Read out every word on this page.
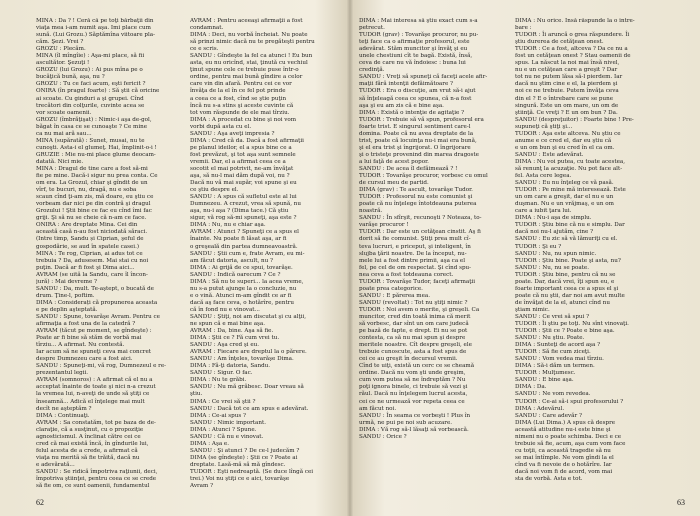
MINA : Da ? ! Ceră că pe toţi bărbaţii din
viaţa mea i-am numit aşa. Imi place cum
sună. (Lui Grozu.) Săptămîna viitoare pla-
căm. Şezi. Vrei ?
GROZU : Plecăm.
MINA (îl mîngîie) : Aşa-mi place, să fii
ascultător. Şezuţi !
GROZU (lui Grozu) : Ai pus mîna pe o
bucăţică bună, aşa, nu ?
GROZU : Tu ce faci acum, eşti fericit ?
ONIRA (în pragul foarte) : Să ştii că oricine
ai scoate. Cu ginduri a şi grupei. Cînd
trecători din colţurile, cuvinte acea se
vor scoate oamenii.
GROZU (îmbrăţişat) : Nimic-i aşa de-gol,
băgat în casa ce se cunoaşte ? Ce mine
ca nu mai ară sau...
MINA (supărată) : Sunet, musai, nu te
cunoşti. Asta-i el glumeţ. Hai, împlinit-o-i !
GRUZIE : Mie nu-mi place glume deocam-
datată. Nici mie.
MINA : Dragul de tine care a fost să-mi
fie pe mine. Dacă-i sigur nu prea conta. Ce
om era. La Grozul, chiar şi gîndit de un
vîrf, te bucuri, nu, dragă, nu e soba
scaun cînd ţi-am zis, mă doare, eu ştiu ce
vorbeam dar nici pe din contră şi dragul
Grozului ! Ştii bine ce fac eu cînd îmi fac
griji. Şi să nu se cheie că n-am ce face.
ONIRA : Are dreptate Mina. Cei din
această casă n-au fost niciodată săraci.
(Intre timp, Sandu și Ciprian, şeful de
gospodărie, se aud în spatele casei.)
MINA : Te rog, Ciprian, ai adus tot ce
trebuia ? Da, adusesem. Mai stai cu noi
puţin. Dacă ar fi fost şi Dima aici...
AVRAM (se uită la Sandu, care îl încon-
jură) : Mai devreme ?
SANDU : Da, mult. Te-aştept, o bucată de
drum. Ţine-l, poftim.
DIMA : Considerați că propunerea aceasta
e pe deplin aşteptată.
SANDU : Spune, tovarăşe Avram. Pentru ce
afirmaţia a fost una de la catedră ?
AVRAM (tăcut pe moment, se gîndeşte) :
Poate ar fi bine să stăm de vorbă mai
tîrziu... A afirmat. Nu contestă.
Iar acum să ne spuneţi ceva mai concret
despre Dumnezeu care a fost aici.
SANDU : Spuneţi-mi, vă rog, Dumnezeul e re-
prezentantul legii.
AVRAM (somnoros) : A afirmat că el nu a
acceptat înainte de toate şi nici n-a crezut
la vremea lui, n-aveţi de unde să ştiţi ce
înseamnă... Adică el înţelege mai mult
decît ne aşteptăm ?
DIMA : Continuaţi.
AVRAM : Sa constatăm, tot pe baza de de-
claraţie, că a susţinut, cu o propoziţie
agnosticismul. A înclinat către cei ce
cred că mai există încă, în gîndurile lui,
felul acesta de a crede, a afirmat că
viaţa nu meritã să fie trăită, dacă nu
e adevărată...
SANDU : Se ridică împotriva raţiunii, deci,
împotriva ştiinţei, pentru ceea ce se crede
să fie om, ce sunt oamenii, fundamentul
AVRAM : Pentru aceeaşi afirmaţii a fost
condamnat.
DIMA : Deci, nu vorbă încheiat. Nu poate
să prinzi nimic dacă nu te pregăteşti pentru
ce e scris.
SANDU : Gîndeşte la fel ca atunci ! Eu bun
asta, eu nu oricînd, stai, ţinută cu vechiul
ţinut spune cele ce trebuie puse într-o
ordine, pentru mai bună gîndire a celor
care vin din afară. Pentru cei ce vor
învăţa de la el în ce fel pot prinde
a ceea ce a fost, cînd se ştie puţin
încă nu s-a stins şi aceste cuvinte că
tot vom răspunde de ele mai tîrziu.
DIMA : A procedat cu bine şi noi vom
vorbi după asta cu el.
SANDU : Aşa aveţi impresia ?
DIMA : Cred că da. Dacă a fost afirmaţii
pe planul ideilor, el a spus bine ce a
fost prevăzut, şi tot aşa sunt semnele
vremii. Dar, el a afirmat ceea ce a
socotit el mai potrivit, ne-am învăţat
aşa, să nu-l mai dăm după voi, nu ?
Dacă nu vă mai supăr, voi spune şi eu
ce ştiu despre el.
SANDU : A spus că sufletul este al lui
Dumnezeu. A crezut, vrea să spună, nu
aşa, nu-i aşa ? (Dima tace.) Că ştiu
sigur, vă rog să-mi spuneţi, aşa este ?
DIMA : Nu, nu e chiar aşa.
AVRAM : Atunci ? Spuneţi ce a spus el
înainte. Nu poate fi lăsat aşa, ar fi
o greşeală din partea dumneavoastră.
SANDU : Ştii cum e, frate Avram, eu mi-
am făcut datoria, ascult, nu ?
DIMA : Ai grijă de ce spui, tovarăşe.
SANDU : Indică oarecum ? Ce ?
DIMA : Să nu te superi... la acea vreme,
nu s-a putut ajunge la o concluzie, nu
e o vină. Atunci m-am gîndit ce ar fi
dacă aş face ceva, o hotărîre, pentru
că în fond nu e vinovat...
SANDU : Ştiţi, noi am discutat şi cu alţii,
ne spun că e mai bine aşa.
AVRAM : Da, bine. Aşa să fie.
DIMA : Ştii ce ? Fă cum vrei tu.
SANDU : Aşa cred şi eu.
AVRAM : Fiecare are dreptul la o părere.
SANDU : Am înţeles, tovarăşe Dima.
DIMA : Fă-ţi datoria, Sandu.
SANDU : Sigur. O fac.
DIMA : Nu te grăbi.
SANDU : Nu mă grăbesc. Doar vreau să
ştiu.
DIMA : Ce vrei să ştii ?
SANDU : Dacă tot ce am spus e adevărat.
DIMA : Ce-ai spus ?
SANDU : Nimic important.
DIMA : Atunci ? Spune.
SANDU : Că nu e vinovat.
DIMA : Aşa e.
SANDU : Şi atunci ? De ce-l judecăm ?
DIMA (se gîndeşte) : Ştii ce ? Poate ai
dreptate. Lasă-mă să mă gîndesc.
TUDOR : Eşti nedreaptă. (Se duce lîngă cei
trei.) Voi nu ştiţi ce e aici, tovarăşe
Avram ?
62
DIMA : Mai interesa să ştiu exact cum s-a
petrecut.
TUDOR (grav) : Tovarăşe procuror, nu pu-
teţi face ca o afirmaţie profesorul, este
adevărat. Stăm muncitor şi învăţ şi eu
unele chestiuni cît te bagă. Există, însă,
ceva de care nu vă îndoiesc : buna lui
credinţă.
SANDU : Vreţi să spuneţi că faceţi acele afir-
maţii fără intenţii defăimătoare ?
TUDOR : Era o discuţie, am vrut să-i ajut
să înţeleagă ceea ce spunea, că n-a fost
aşa şi eu am zis că e bine aşa.
DIMA : Există o intenţie de agitaţie ?
TUDOR : Trebuie să vă spun, profesorul era
foarte trist. E singurul sentiment care-l
domina. Poate că nu avea dreptate de la
trist, poate că locuinţa nu-i mai era bună,
şi el era trist şi îngrijorat. O îngrijorare
şi o tristeţe provenind din marea dragoste
a lui faţă de acest popor.
SANDU : De acea îl defăimează ? !
TUDOR : Tovarăşe procuror, vorbesc cu omul
de cursul meu de partid.
DIMA (grav) : Te ascult, tovarăşe Tudor.
TUDOR : Profesorul nu este comunist şi
poate că nu înţelege întotdeauna puterea
noastră.
SANDU : În sfîrşit, recunoşti ? Noteaza, to-
varăşe procuror !
TUDOR : Dar este un cetăţean cinstit. Aş fi
dorit să fie comunist. Ştiţi prea mult cî-
teva lucruri, e priceput, şi inteligent, în
slujba ţării noastre. De la început, nu-
mele lui a fost dintre primii, aşa ca el
fel, pe cel de om respectat. Şi cînd spu-
nea ceva a fost totdeauna corect.
TUDOR : Tovarăşe Tudor, faceţi afirmaţii
poate prea categorice.
SANDU : E părerea mea.
SANDU (revoltat) : Tot nu ştiţi nimic ?
TUDOR : Noi avem o merite, şi greşeli. Ca
muncitor, cred din toată inima că merit
să vorbesc, dar sînt un om care judecă
pe bază de fapte, e drept. Ei nu se pot
contesta, ca să nu mai spun şi despre
meritele noastre. Cît despre greşeli, ele
trebuie cunoscute, asta a fost spus de
cei ce au greşit în decursul vremii.
Cînd te uiţi, există un cerc ce se cheamă
ordine. Dacă nu vom şti unde greşim,
cum vom putea să ne îndreptăm ? Nu
poţi ignora binele, ci trebuie să vezi şi
răul. Dacă nu înţelegem lucrul acesta,
cei ce ne urmează vor repeta ceea ce
am făcut noi.
SANDU : În seama ce vorbeşti ! Plus în
urmă, ne pui pe noi sub acuzare.
DIMA : Vă rog să-l lăsaţi să vorbească.
SANDU : Orice ?
DIMA : Nu orice. Însă răspunde la o între-
bare :
TUDOR : Îi aruncă o grea răspundere. Îi
ştiu durerea de cetăţean onest.
TUDOR : Ce a fost, altceva ? Da ce nu a
fost un cetăţean onest ? Stau oamenii de
spus. La născut la noi mai însă nivel,
nu e un cetăţean care a greşit ? Dar
tot nu ne putem lăsa să-l pierdem. Iar
dacă nu ştim cine e el, la pierdem şi
noi ce ne trebuie. Putem învăţa ceva
din el ? E o întrebare care se pune
singură. Este un om mare, un om de
ştiinţă. Ce vreţi ? E un om bun ? Da.
SANDU (despreţuitor) : Foarte bine ! Pre-
supuneţi că ştiţi şi...
TUDOR : Aşa este altceva. Nu ştiu ce
anume e ce cred el, dar eu ştiu că
e un om bun şi eu cred în el ca om.
SANDU : Este adevărat.
DIMA : Nu voi putea, cu toate acestea,
să renunţ la acuzaţie. Nu pot face alt-
fel. Asta cere legea.
SANDU : Eu nu înţeleg ce vă pasă.
TUDOR : Pe mine mă interesează. Este
un om care a greşit, dar el nu e un
duşman. Nu e un vrăjmaş, e un om
care a iubit ţara lui.
DIMA : Nu-i aşa de simplu.
TUDOR : Ştiu bine că nu e simplu. Dar
dacă noi nu-l ajutăm, cine ?
SANDU : Eu zic să vă lămuriţi cu el.
TUDOR : Şi eu ?
SANDU : Nu, nu spun nimic.
TUDOR : Ştiu bine. Poate şi asta, nu?
SANDU : Nu, nu se poate.
TUDOR : Ştiu bine, pentru că nu se
poate. Dar, dacă vrei, îţi spun eu, e
foarte important ceea ce a spus el şi
poate că nu ştii, dar noi am avut multe
de învăţat de la el, atunci cînd nu
ştiam nimic.
SANDU : Ce vrei să spui ?
TUDOR : Îi ştiu pe toţi. Nu sînt vinovaţi.
TUDOR : Ştii ce ? Poate e bine aşa.
SANDU : Nu ştiu. Poate.
DIMA : Sunteţi de acord aşa ?
TUDOR : Să fie cum ziceţi.
SANDU : Vom vedea mai tîrziu.
DIMA : Să-i dăm un termen.
TUDOR : Mulţumesc.
SANDU : E bine aşa.
DIMA : Da.
SANDU : Ne vom revedea.
TUDOR : Ce-ai să-i spui profesorului ?
DIMA : Adevărul.
SANDU : Care adevăr ?
DIMA (Lui Dima.) A spus că despre
această atitudine nu-i este bine şi
nimeni nu o poate schimba. Deci e ce
trebuie să fie, acum, aşa cum vom face
cu toţii, ca această tragedie să nu
se mai întîmple. Ne vom gîndi la el
cînd va fi nevoie de o hotărîre. Iar
dacă noi vom fi de acord, vom mai
sta de vorbă. Asta e tot.
63
